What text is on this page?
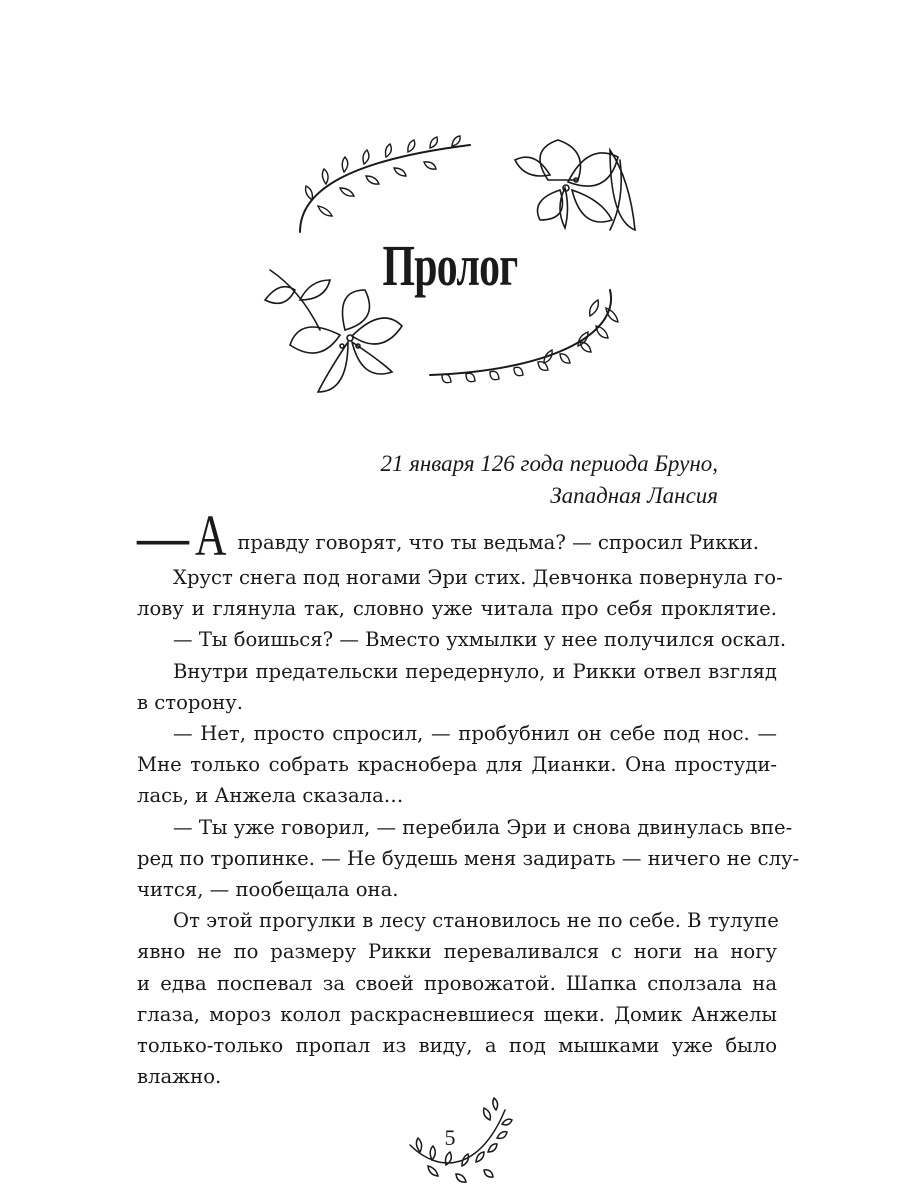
Пролог
21 января 126 года периода Бруно,
Западная Лансия
— А правду говорят, что ты ведьма? — спросил Рикки.
Хруст снега под ногами Эри стих. Девчонка повернула го-
лову и глянула так, словно уже читала про себя проклятие.
— Ты боишься? — Вместо ухмылки у нее получился оскал.
Внутри предательски передернуло, и Рикки отвел взгляд
в сторону.
— Нет, просто спросил, — пробубнил он себе под нос. —
Мне только собрать краснобера для Дианки. Она простуди-
лась, и Анжела сказала…
— Ты уже говорил, — перебила Эри и снова двинулась впе-
ред по тропинке. — Не будешь меня задирать — ничего не слу-
чится, — пообещала она.
От этой прогулки в лесу становилось не по себе. В тулупе
явно не по размеру Рикки переваливался с ноги на ногу
и едва поспевал за своей провожатой. Шапка сползала на
глаза, мороз колол раскрасневшиеся щеки. Домик Анжелы
только-только пропал из виду, а под мышками уже было
влажно.
5
